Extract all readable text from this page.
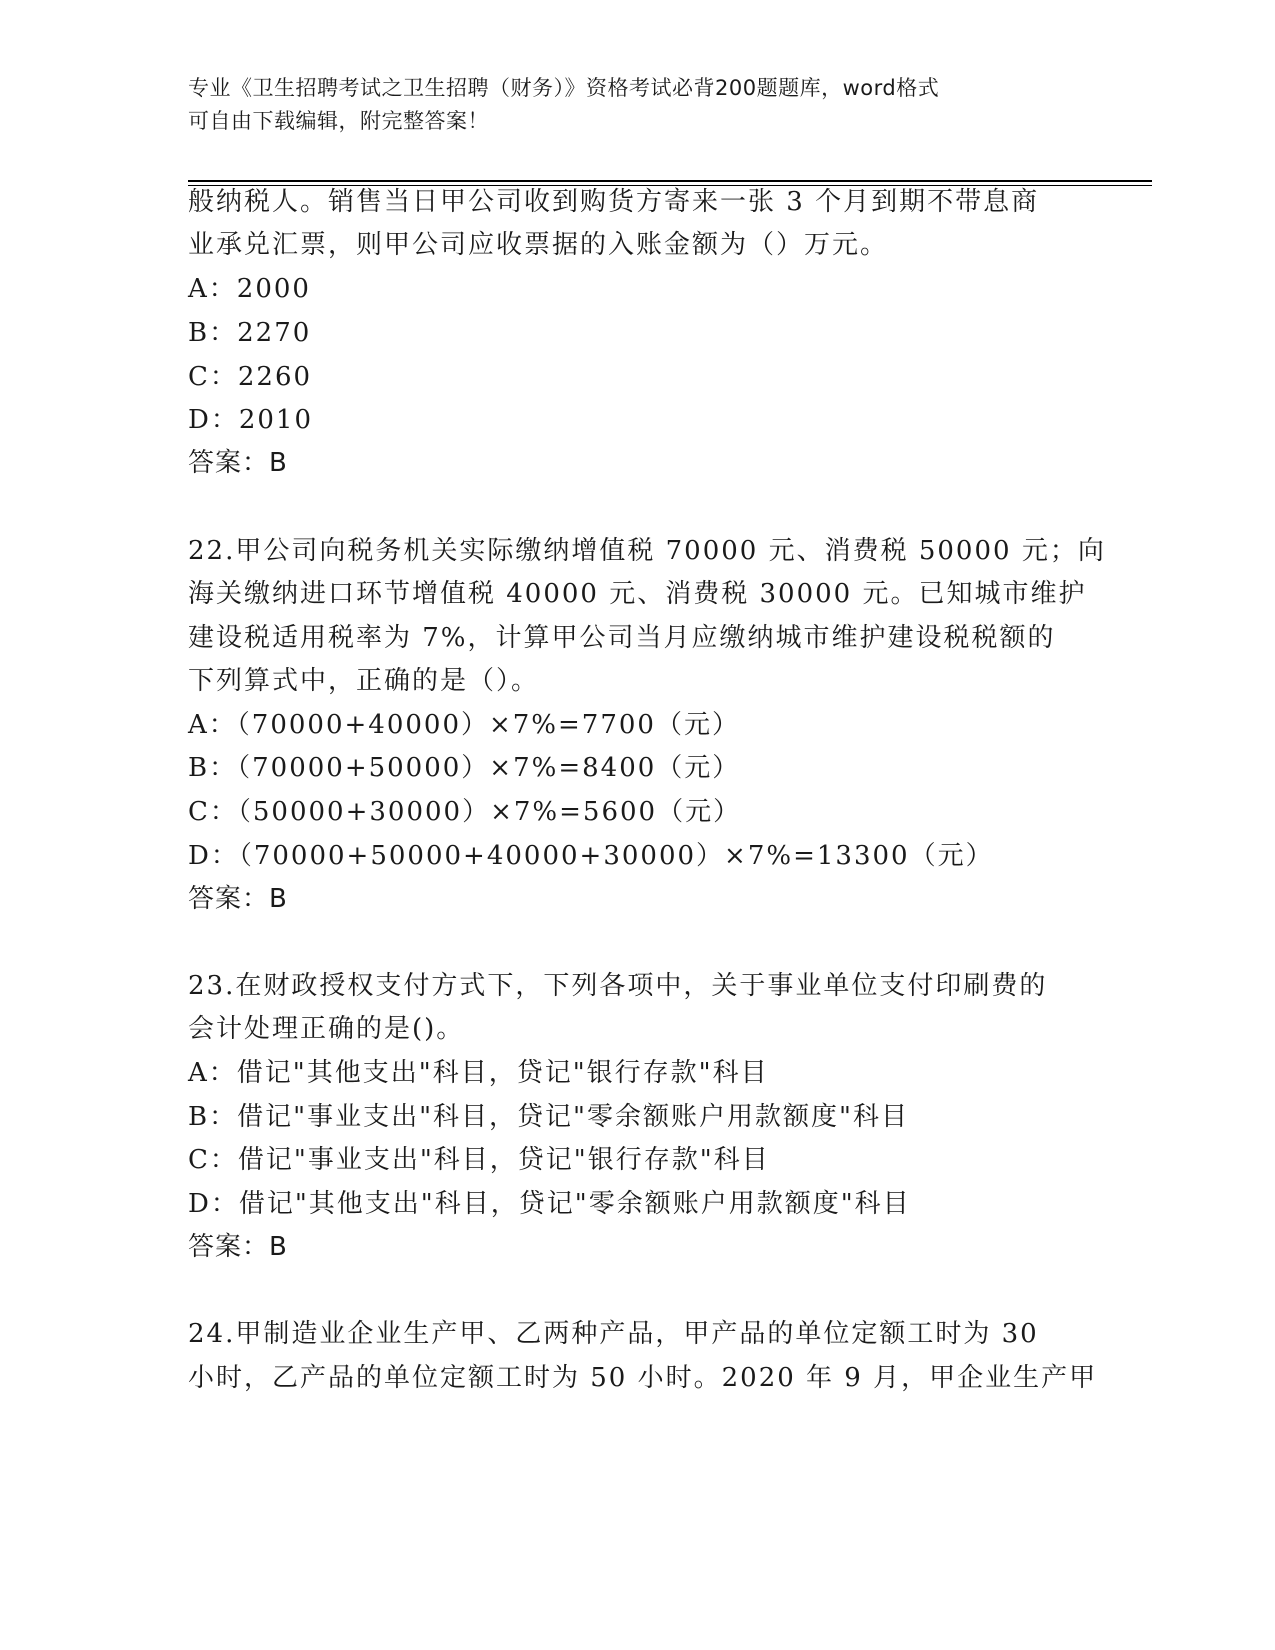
专业《卫生招聘考试之卫生招聘（财务）》资格考试必背200题题库，word格式
可自由下载编辑，附完整答案！
般纳税人。销售当日甲公司收到购货方寄来一张 3 个月到期不带息商
业承兑汇票，则甲公司应收票据的入账金额为（）万元。
A：2000
B：2270
C：2260
D：2010
答案：B
22.甲公司向税务机关实际缴纳增值税 70000 元、消费税 50000 元；向
海关缴纳进口环节增值税 40000 元、消费税 30000 元。已知城市维护
建设税适用税率为 7%，计算甲公司当月应缴纳城市维护建设税税额的
下列算式中，正确的是（）。
A：（70000+40000）×7%=7700（元）
B：（70000+50000）×7%=8400（元）
C：（50000+30000）×7%=5600（元）
D：（70000+50000+40000+30000）×7%=13300（元）
答案：B
23.在财政授权支付方式下，下列各项中，关于事业单位支付印刷费的
会计处理正确的是()。
A：借记"其他支出"科目，贷记"银行存款"科目
B：借记"事业支出"科目，贷记"零余额账户用款额度"科目
C：借记"事业支出"科目，贷记"银行存款"科目
D：借记"其他支出"科目，贷记"零余额账户用款额度"科目
答案：B
24.甲制造业企业生产甲、乙两种产品，甲产品的单位定额工时为 30
小时，乙产品的单位定额工时为 50 小时。2020 年 9 月，甲企业生产甲
